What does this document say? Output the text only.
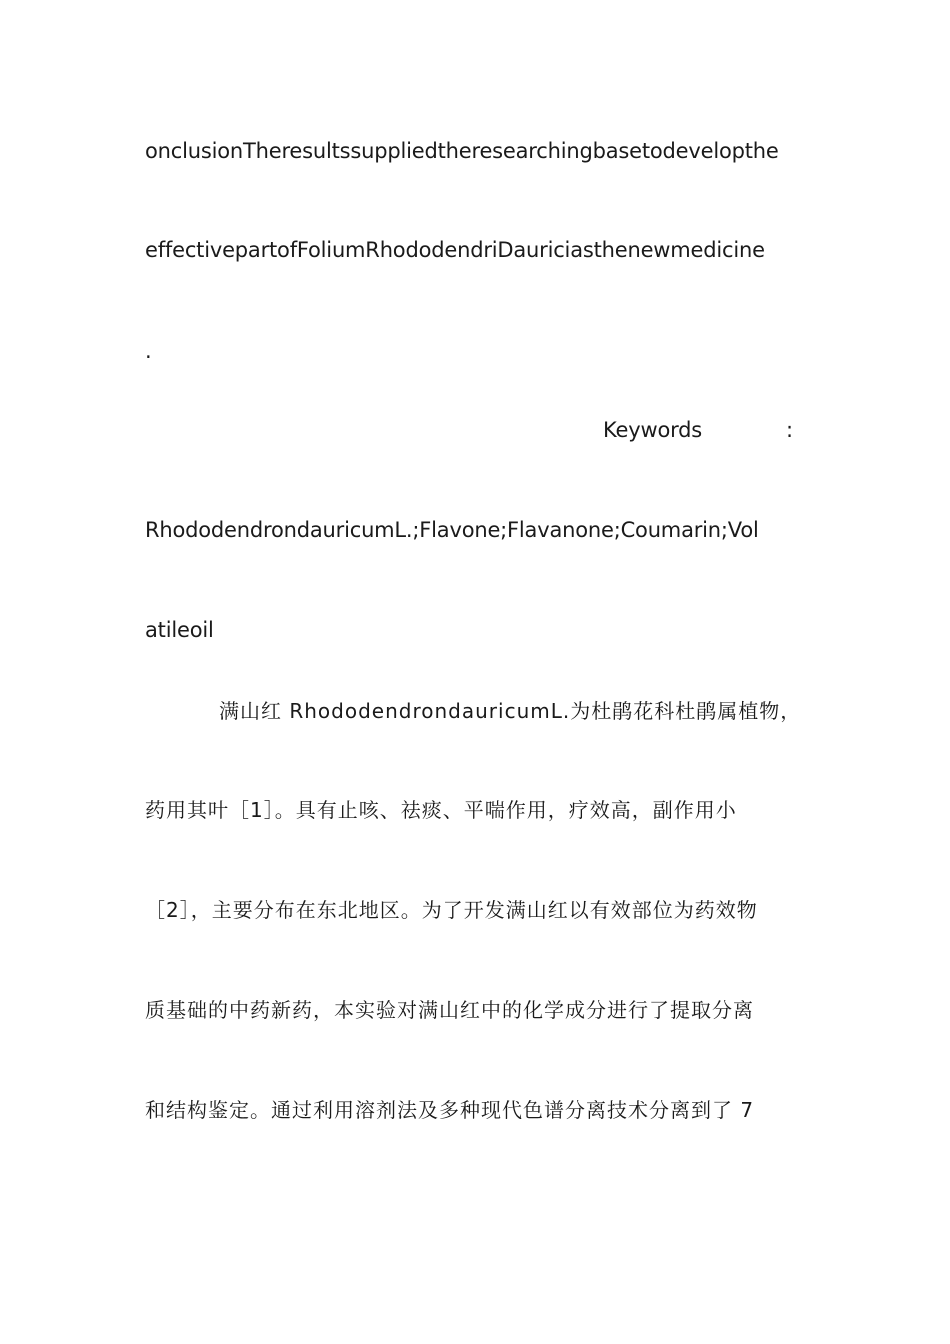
onclusionTheresultssuppliedtheresearchingbasetodevelopthe
effectivepartofFoliumRhododendriDauriciasthenewmedicine
.
Keywords	:
RhododendrondauricumL.;Flavone;Flavanone;Coumarin;Vol
atileoil
满山红 RhododendrondauricumL.为杜鹃花科杜鹃属植物，
药用其叶［1］。具有止咳、祛痰、平喘作用，疗效高，副作用小
［2］，主要分布在东北地区。为了开发满山红以有效部位为药效物
质基础的中药新药，本实验对满山红中的化学成分进行了提取分离
和结构鉴定。通过利用溶剂法及多种现代色谱分离技术分离到了 7
